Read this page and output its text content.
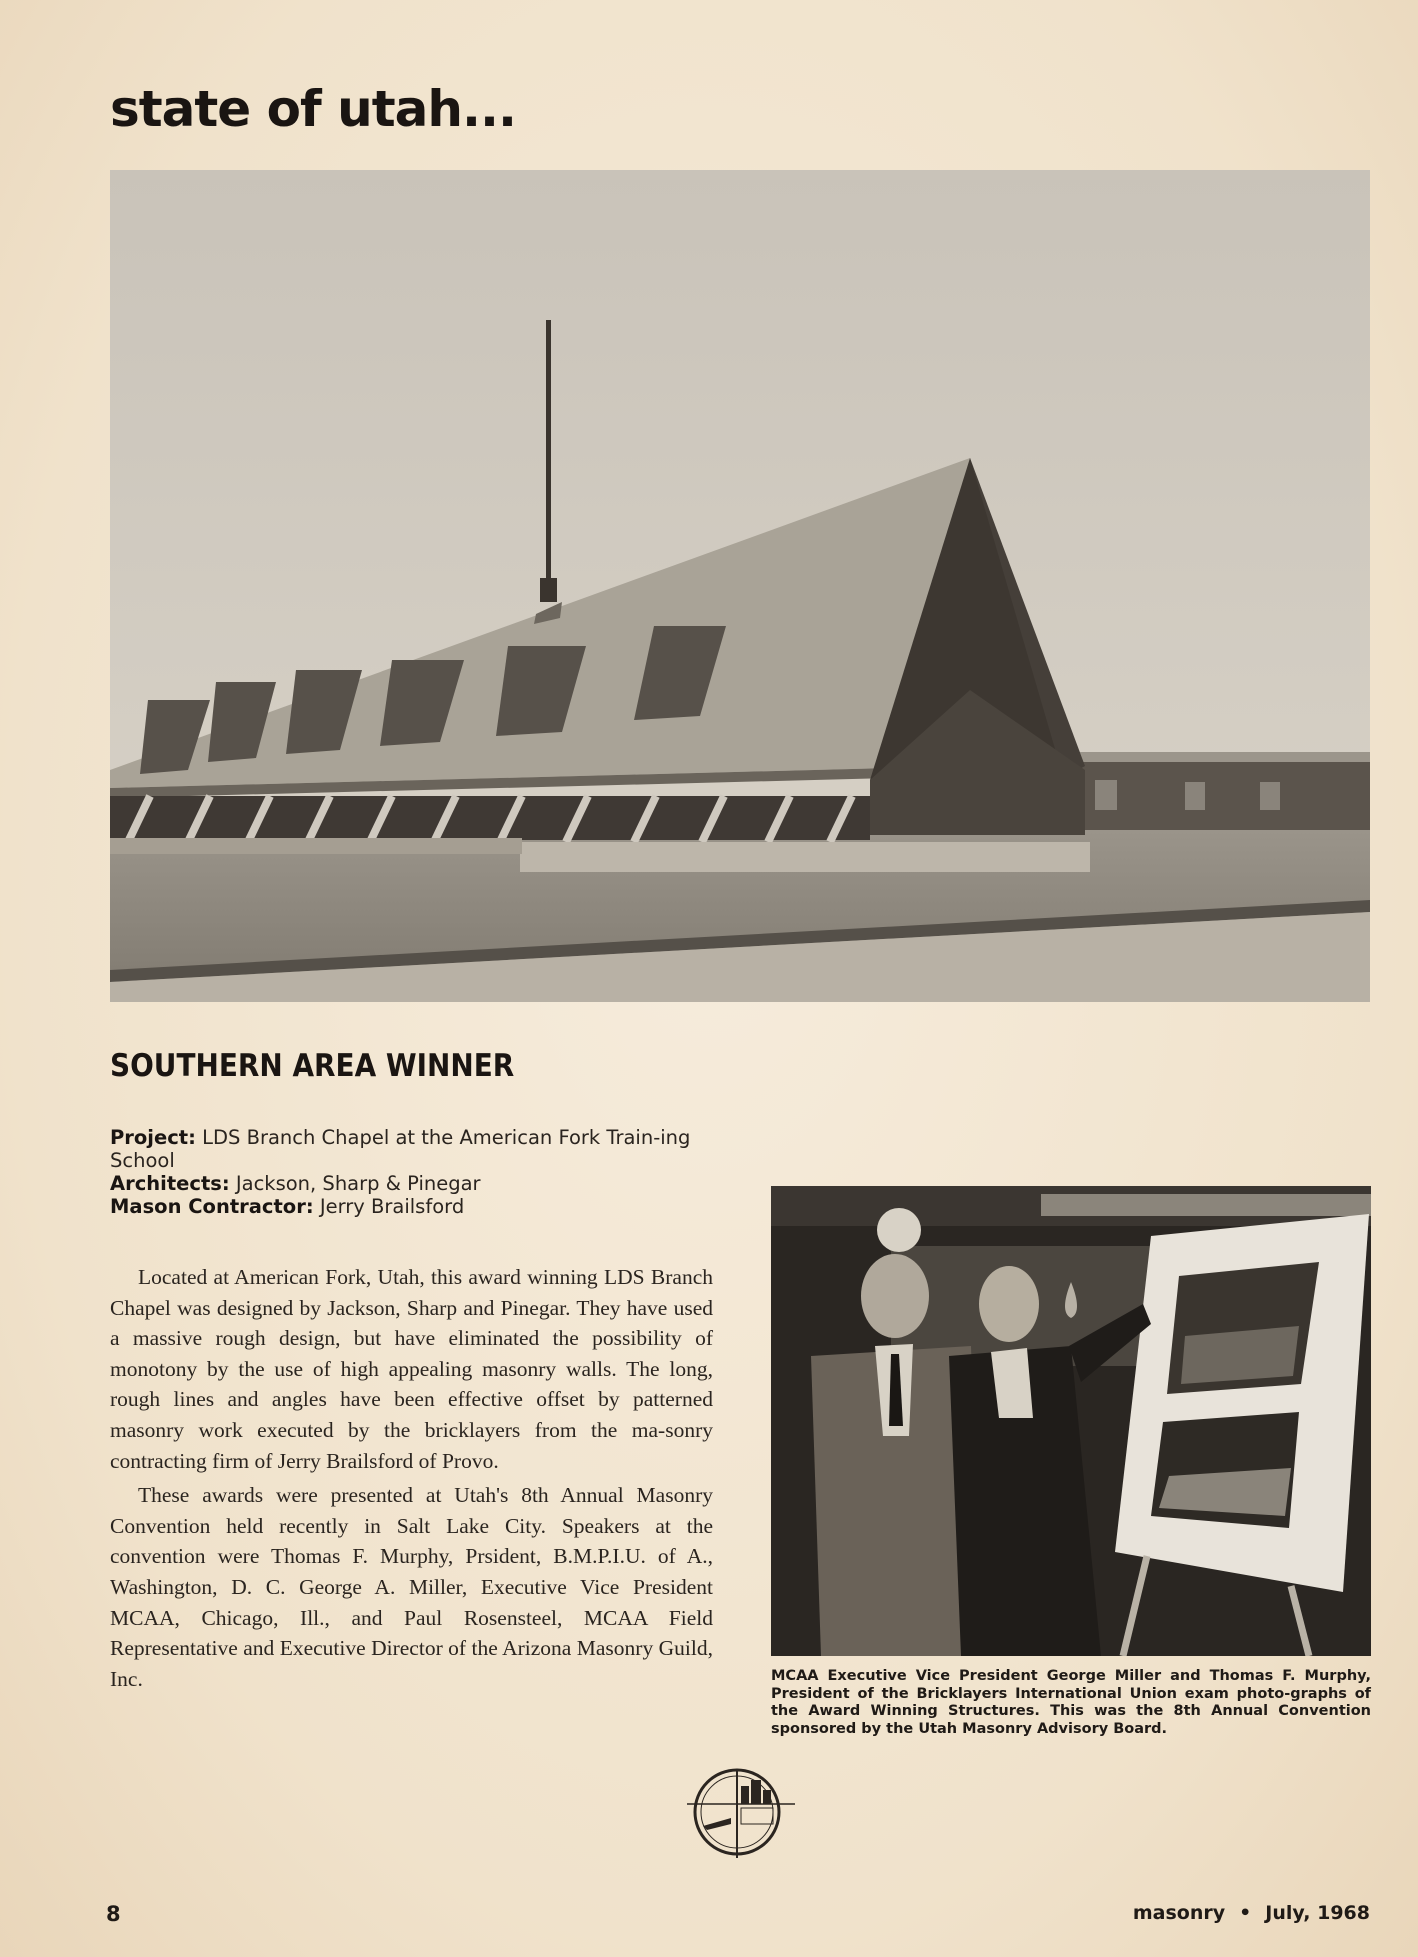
state of utah...
SOUTHERN AREA WINNER

Project: LDS Branch Chapel at the American Fork Train-ing School

Architects: Jackson, Sharp & Pinegar

Mason Contractor: Jerry Brailsford

Located at American Fork, Utah, this award winning LDS Branch Chapel was designed by Jackson, Sharp and Pinegar. They have used a massive rough design, but have eliminated the possibility of monotony by the use of high appealing masonry walls. The long, rough lines and angles have been effective offset by patterned masonry work executed by the bricklayers from the ma-sonry contracting firm of Jerry Brailsford of Provo.

These awards were presented at Utah's 8th Annual Masonry Convention held recently in Salt Lake City. Speakers at the convention were Thomas F. Murphy, Prsident, B.M.P.I.U. of A., Washington, D. C. George A. Miller, Executive Vice President MCAA, Chicago, Ill., and Paul Rosensteel, MCAA Field Representative and Executive Director of the Arizona Masonry Guild, Inc.	MCAA Executive Vice President George Miller and Thomas F. Murphy, President of the Bricklayers International Union exam photo-graphs of the Award Winning Structures. This was the 8th Annual Convention sponsored by the Utah Masonry Advisory Board.

8	masonry • July, 1968
